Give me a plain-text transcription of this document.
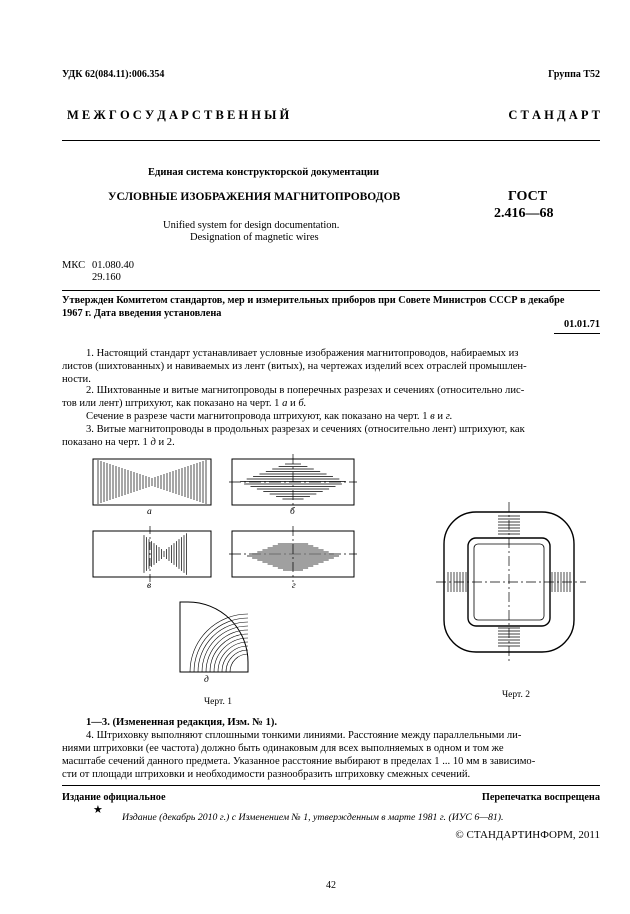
УДК 62(084.11):006.354	Группа Т52
М Е Ж Г О С У Д А Р С Т В Е Н Н Ы Й	С Т А Н Д А Р Т
Единая система конструкторской документации
УСЛОВНЫЕ ИЗОБРАЖЕНИЯ МАГНИТОПРОВОДОВ
Unified system for design documentation.
Designation of magnetic wires
ГОСТ
2.416—68
МКС 01.080.40
29.160
Утвержден Комитетом стандартов, мер и измерительных приборов при Совете Министров СССР в декабре
1967 г. Дата введения установлена
01.01.71
1. Настоящий стандарт устанавливает условные изображения магнитопроводов, набираемых из
листов (шихтованных) и навиваемых из лент (витых), на чертежах изделий всех отраслей промышлен-
ности.
2. Шихтованные и витые магнитопроводы в поперечных разрезах и сечениях (относительно лис-
тов или лент) штрихуют, как показано на черт. 1 а и б.
Сечение в разрезе части магнитопровода штрихуют, как показано на черт. 1 в и г.
3. Витые магнитопроводы в продольных разрезах и сечениях (относительно лент) штрихуют, как
показано на черт. 1 д и 2.
а	б
в	г
д
Черт. 1
Черт. 2
1—3. (Измененная редакция, Изм. № 1).
4. Штриховку выполняют сплошными тонкими линиями. Расстояние между параллельными ли-
ниями штриховки (ее частота) должно быть одинаковым для всех выполняемых в одном и том же
масштабе сечений данного предмета. Указанное расстояние выбирают в пределах 1 ... 10 мм в зависимо-
сти от площади штриховки и необходимости разнообразить штриховку смежных сечений.
Издание официальное	Перепечатка воспрещена
★
Издание (декабрь 2010 г.) с Изменением № 1, утвержденным в марте 1981 г. (ИУС 6—81).
© СТАНДАРТИНФОРМ, 2011
42
